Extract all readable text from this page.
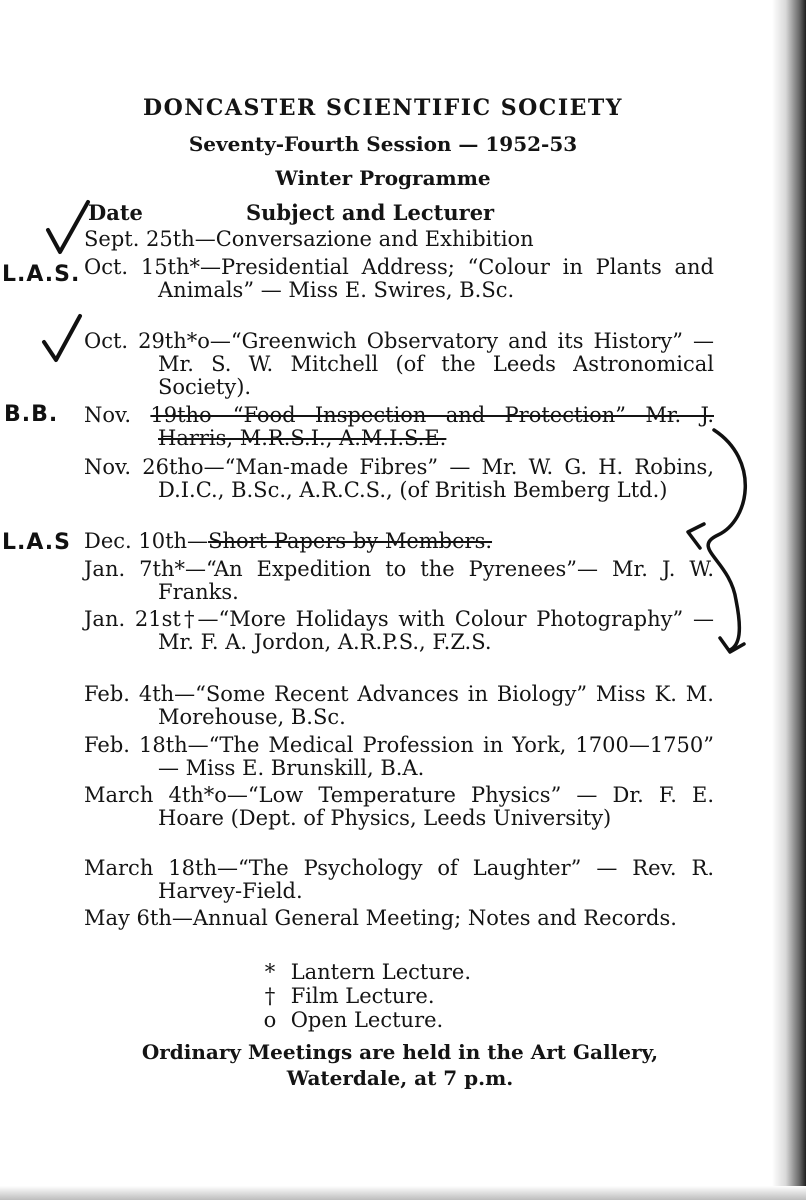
DONCASTER SCIENTIFIC SOCIETY
Seventy-Fourth Session — 1952-53
Winter Programme
Date	Subject and Lecturer
Sept. 25th—Conversazione and Exhibition
Oct. 15th*—Presidential Address; “Colour in Plants and Animals” — Miss E. Swires, B.Sc.
Oct. 29th*o—“Greenwich Observatory and its History” — Mr. S. W. Mitchell (of the Leeds Astronomical Society).
Nov. 19tho—“Food Inspection and Protection” Mr. J. Harris, M.R.S.I., A.M.I.S.E.
Nov. 26tho—“Man-made Fibres” — Mr. W. G. H. Robins, D.I.C., B.Sc., A.R.C.S., (of British Bemberg Ltd.)
Dec. 10th—Short Papers by Members.
Jan. 7th*—“An Expedition to the Pyrenees”— Mr. J. W. Franks.
Jan. 21st†—“More Holidays with Colour Photography” — Mr. F. A. Jordon, A.R.P.S., F.Z.S.
Feb. 4th—“Some Recent Advances in Biology” Miss K. M. Morehouse, B.Sc.
Feb. 18th—“The Medical Profession in York, 1700—1750” — Miss E. Brunskill, B.A.
March 4th*o—“Low Temperature Physics” — Dr. F. E. Hoare (Dept. of Physics, Leeds University)
March 18th—“The Psychology of Laughter” — Rev. R. Harvey-Field.
May 6th—Annual General Meeting; Notes and Records.
* Lantern Lecture.
† Film Lecture.
o Open Lecture.
Ordinary Meetings are held in the Art Gallery,
Waterdale, at 7 p.m.
L.A.S.
B.B.
L.A.S
